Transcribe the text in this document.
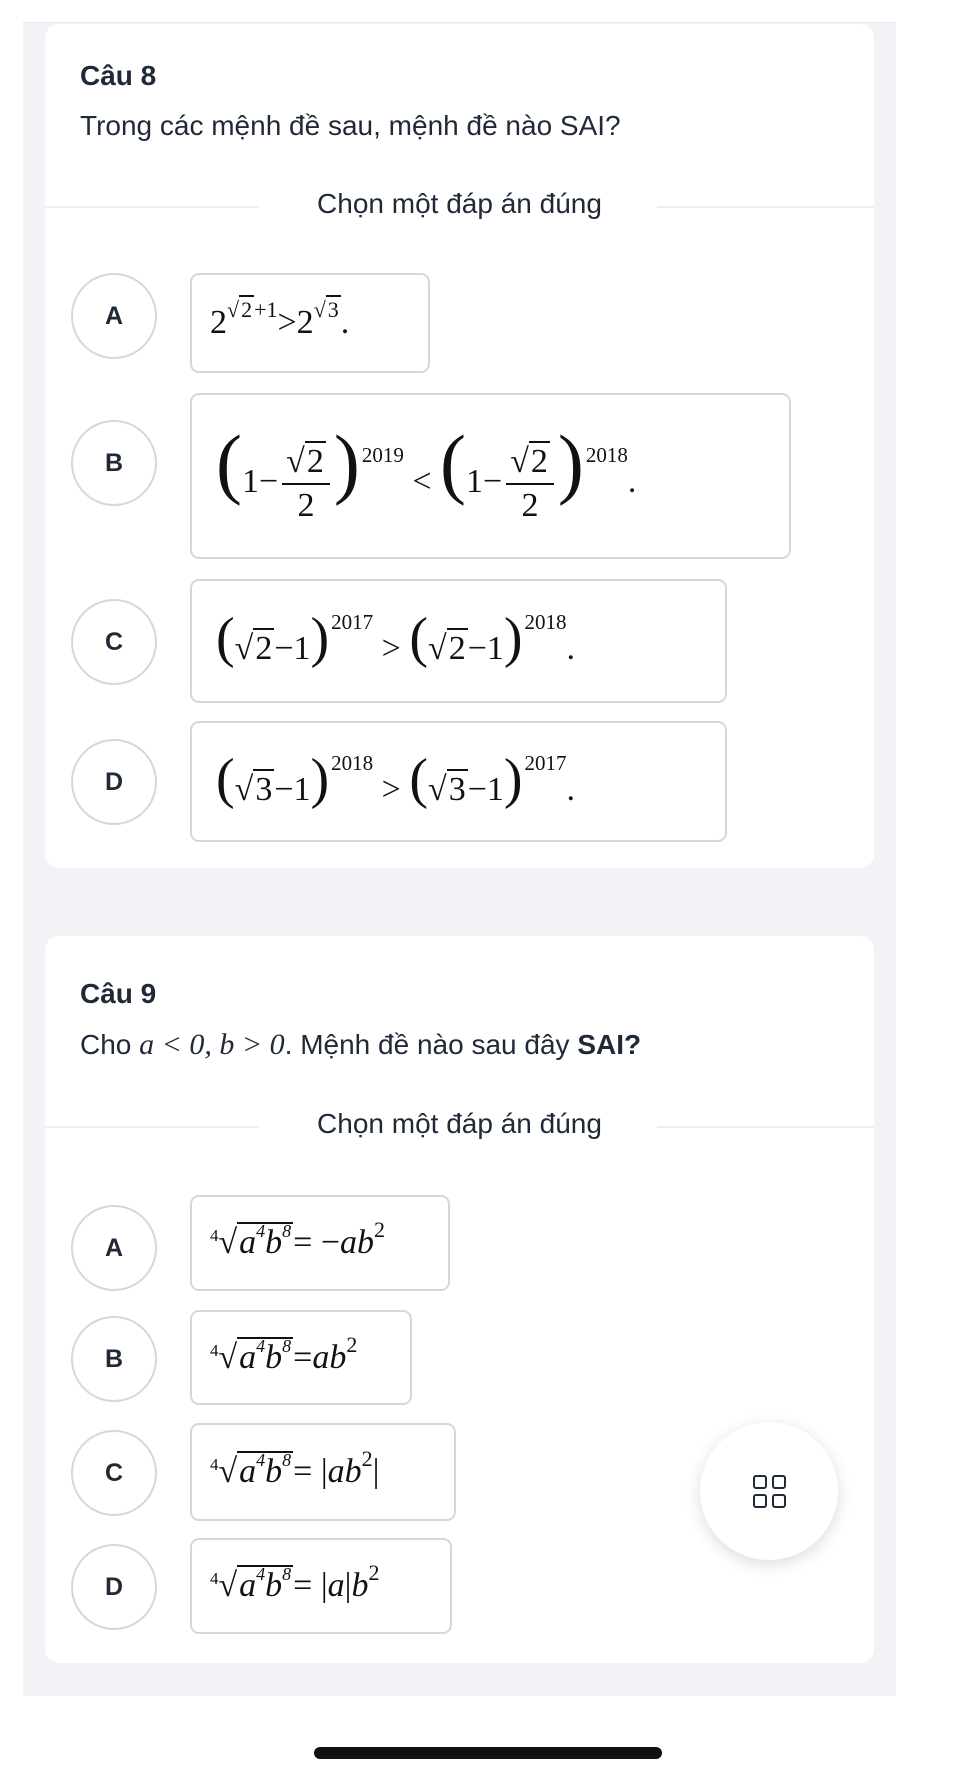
Câu 8
Trong các mệnh đề sau, mệnh đề nào SAI?
Chọn một đáp án đúng
A	$2^{√2+1}>2^{√3}$.
B	$(1- \frac{√2}{2} )^{2019} < (1- \frac{√2}{2} )^{2018}$.
C	$(√2-1)^{2017} > (√2-1)^{2018}$.
D	$(√3-1)^{2018} > (√3-1)^{2017}$.
Câu 9
Cho a < 0, b > 0. Mệnh đề nào sau đây SAI?
Chọn một đáp án đúng
A	$^4√a^4b^8= -ab^2$
B	$^4√a^4b^8=ab^2$
C	$^4√a^4b^8= |ab^2|$
D	$^4√a^4b^8= |a|b^2$
